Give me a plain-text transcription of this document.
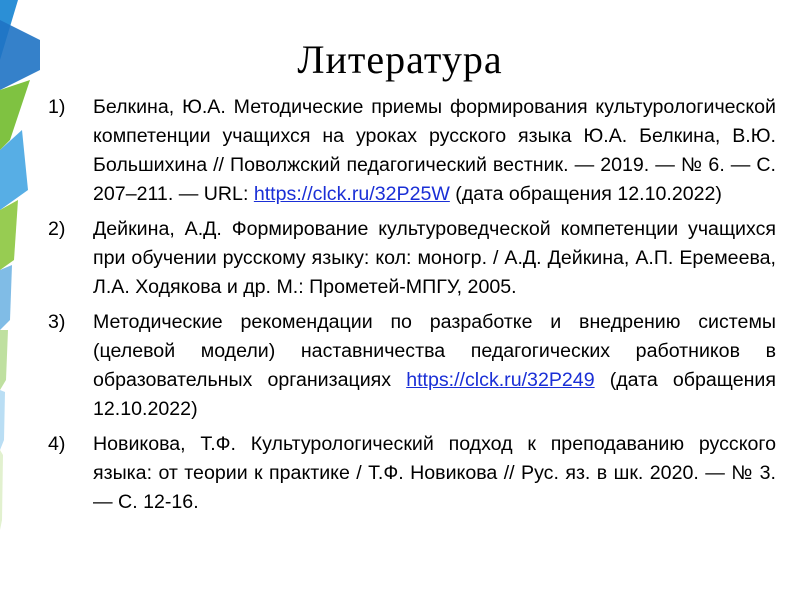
Литература
1) Белкина, Ю.А. Методические приемы формирования культурологической компетенции учащихся на уроках русского языка Ю.А. Белкина, В.Ю. Большихина // Поволжский педагогический вестник. — 2019. — № 6. — С. 207–211. — URL: https://clck.ru/32P25W (дата обращения 12.10.2022)
2) Дейкина, А.Д. Формирование культуроведческой компетенции учащихся при обучении русскому языку: кол: моногр. / А.Д. Дейкина, А.П. Еремеева, Л.А. Ходякова и др. М.: Прометей-МПГУ, 2005.
3) Методические рекомендации по разработке и внедрению системы (целевой модели) наставничества педагогических работников в образовательных организациях https://clck.ru/32P249 (дата обращения 12.10.2022)
4) Новикова, Т.Ф. Культурологический подход к преподаванию русского языка: от теории к практике / Т.Ф. Новикова // Рус. яз. в шк. 2020. — № 3. — С. 12-16.
